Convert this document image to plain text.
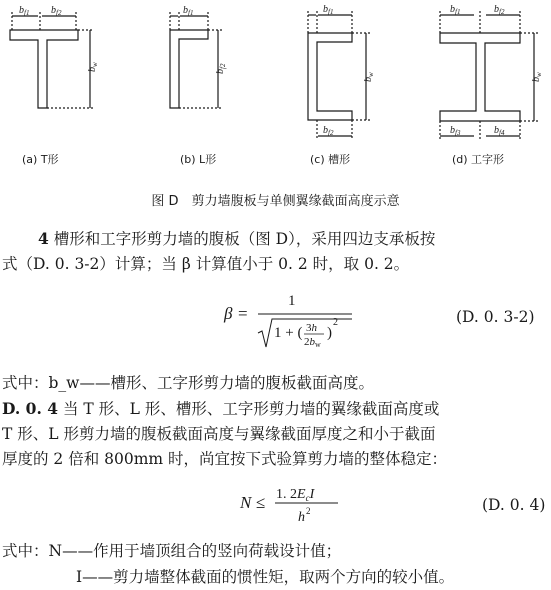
$b_{f1}$ $b_{f2}$
$b_w$
$b_{f1}$
$b_{f2}$
$b_{f1}$
$b_w$
$b_{f2}$
$b_{f1}$	$b_{f2}$
$b_w$
$b_{f3}$	$b_{f4}$
(a) T形	(b) L形	(c) 槽形	(d) 工字形
图 D　剪力墙腹板与单侧翼缘截面高度示意
4 槽形和工字形剪力墙的腹板（图 D），采用四边支承板按
式（D. 0. 3-2）计算；当 β 计算值小于 0. 2 时，取 0. 2。
β =
1
1 + ( 3h
2bw
)
2	(D. 0. 3-2)
式中：b_w——槽形、工字形剪力墙的腹板截面高度。
D. 0. 4 当 T 形、L 形、槽形、工字形剪力墙的翼缘截面高度或
T 形、L 形剪力墙的腹板截面高度与翼缘截面厚度之和小于截面
厚度的 2 倍和 800mm 时，尚宜按下式验算剪力墙的整体稳定：
N ≤ 1. $2E_cI$
h 2	(D. 0. 4)
式中：N——作用于墙顶组合的竖向荷载设计值；
I——剪力墙整体截面的惯性矩，取两个方向的较小值。
